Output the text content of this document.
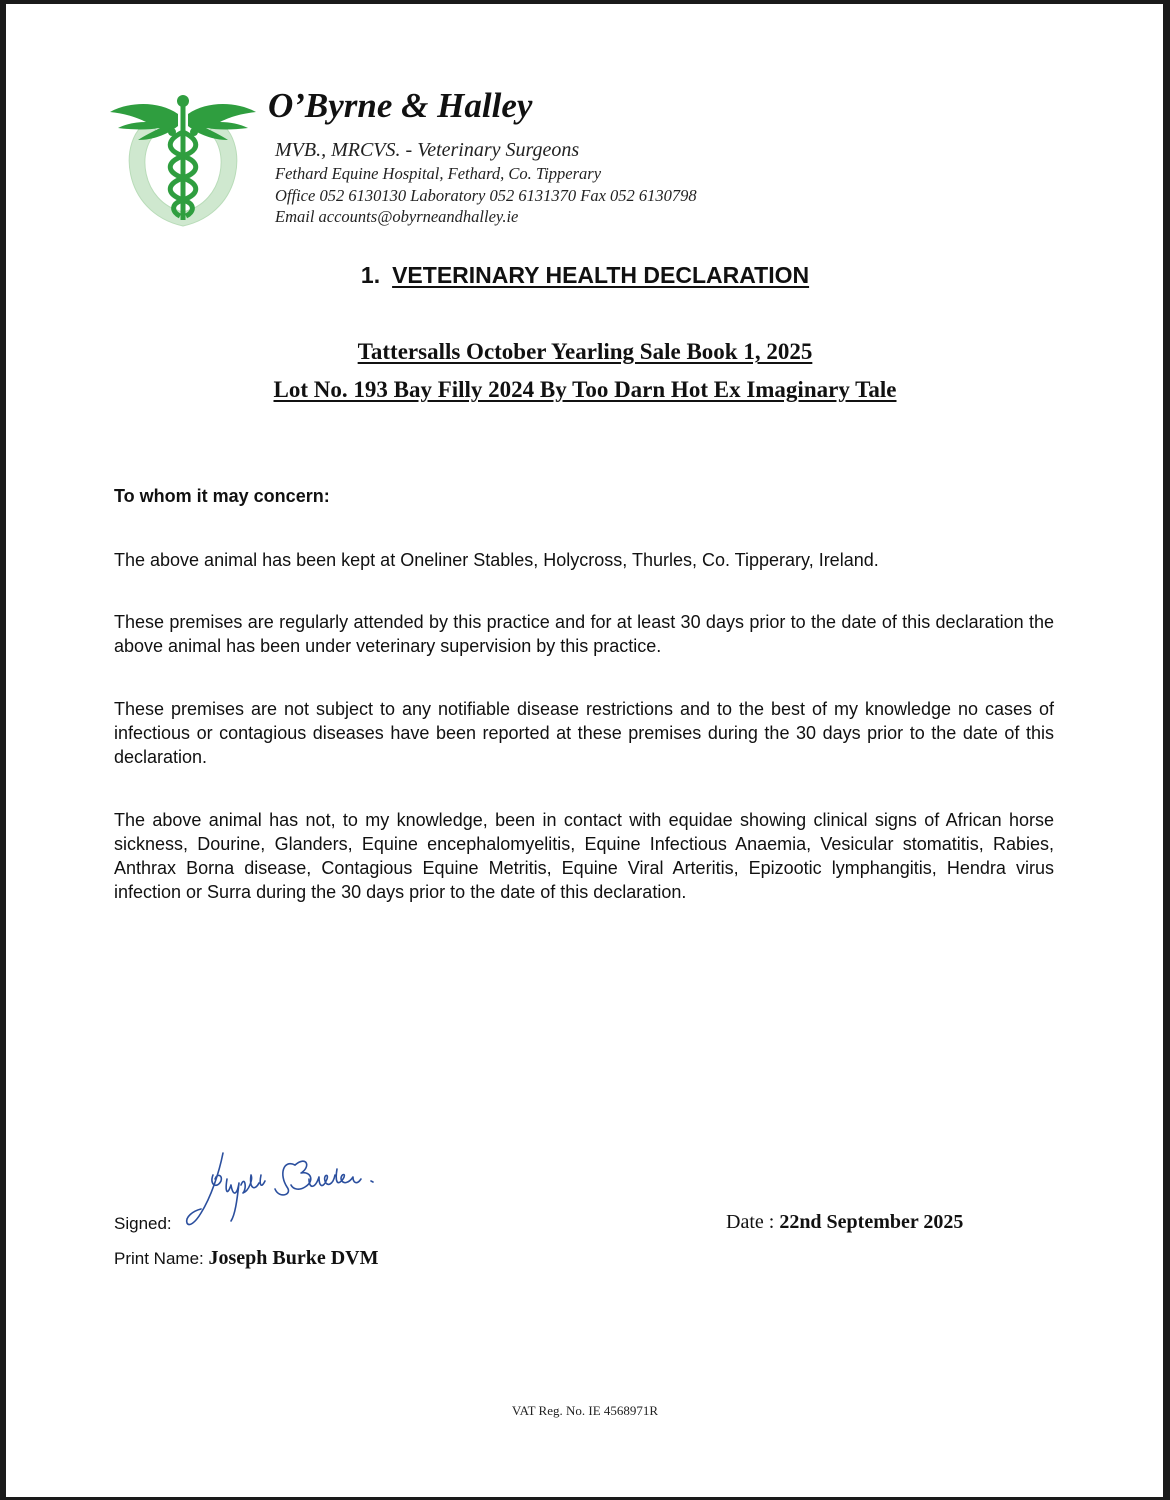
O’Byrne & Halley
MVB., MRCVS. - Veterinary Surgeons
Fethard Equine Hospital, Fethard, Co. Tipperary
Office 052 6130130 Laboratory 052 6131370 Fax 052 6130798
Email accounts@obyrneandhalley.ie
1. VETERINARY HEALTH DECLARATION
Tattersalls October Yearling Sale Book 1, 2025
Lot No. 193 Bay Filly 2024 By Too Darn Hot Ex Imaginary Tale
To whom it may concern:
The above animal has been kept at Oneliner Stables, Holycross, Thurles, Co. Tipperary, Ireland.
These premises are regularly attended by this practice and for at least 30 days prior to the date of this declaration the above animal has been under veterinary supervision by this practice.
These premises are not subject to any notifiable disease restrictions and to the best of my knowledge no cases of infectious or contagious diseases have been reported at these premises during the 30 days prior to the date of this declaration.
The above animal has not, to my knowledge, been in contact with equidae showing clinical signs of African horse sickness, Dourine, Glanders, Equine encephalomyelitis, Equine Infectious Anaemia, Vesicular stomatitis, Rabies, Anthrax Borna disease, Contagious Equine Metritis, Equine Viral Arteritis, Epizootic lymphangitis, Hendra virus infection or Surra during the 30 days prior to the date of this declaration.
Signed:	Date : 22nd September 2025
Print Name: Joseph Burke DVM
VAT Reg. No. IE 4568971R
